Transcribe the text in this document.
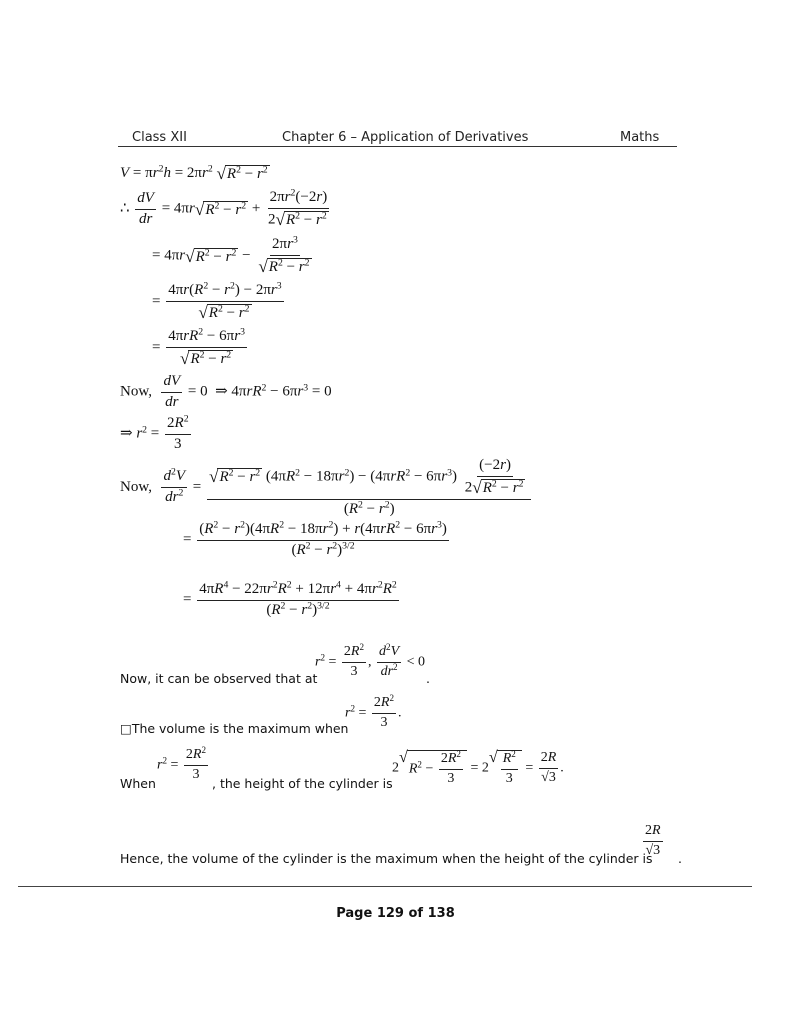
Class XII	Chapter 6 – Application of Derivatives	Maths
$V = \pi r^2h = 2\pi r^2$ √ $R^2 - r^2$
∴ $\frac{dV}{dr} = 4\pi r$ √ $R^2 - r^2 + \frac{2\pi r^2(-2r)}{2 √ R^2 - r^2}$
= 4πr √ $R^2 - r^2 - \frac{2\pi r^3}{√ R^2 - r^2}$
= $\frac{4\pi r(R^2 - r^2) - 2\pi r^3}{√ R^2 - r^2}$
= $\frac{4\pi rR^2 - 6\pi r^3}{√ R^2 - r^2}$
Now, $\frac{dV}{dr} = 0$  ⇒ $4\pi rR^2 - 6\pi r^3 = 0$
⇒ $r^2 = \frac{2R^2}{3}$
Now, $\frac{d^2V}{dr^2}$ =
√ $R^2 - r^2$ $(4\pi R^2 - 18\pi r^2) - (4\pi rR^2 - 6\pi r^3) \frac{(-2r)}{2 √ R^2 - r^2}$
$(R^2 - r^2)$
= $\frac{(R^2 - r^2)(4\pi R^2 - 18\pi r^2) + r(4\pi rR^2 - 6\pi r^3)}{(R^2 - r^2)^{3/2}}$
= $\frac{4\pi R^4 - 22\pi r^2R^2 + 12\pi r^4 + 4\pi r^2R^2}{(R^2 - r^2)^{3/2}}$
Now, it can be observed that at
$r^2 = \frac{2R^2}{3}$ , $\frac{d^2V}{dr^2} < 0$
.
□The volume is the maximum when
$r^2 = \frac{2R^2}{3}$ .
When
$r^2 = \frac{2R^2}{3}$
, the height of the cylinder is
2
√
$R^2 - \frac{2R^2}{3} = 2$
√ $\frac{R^2}{3} = \frac{2R}{√3}$ .
Hence, the volume of the cylinder is the maximum when the height of the cylinder is
$\frac{2R}{√3}$
.
Page 129 of 138
